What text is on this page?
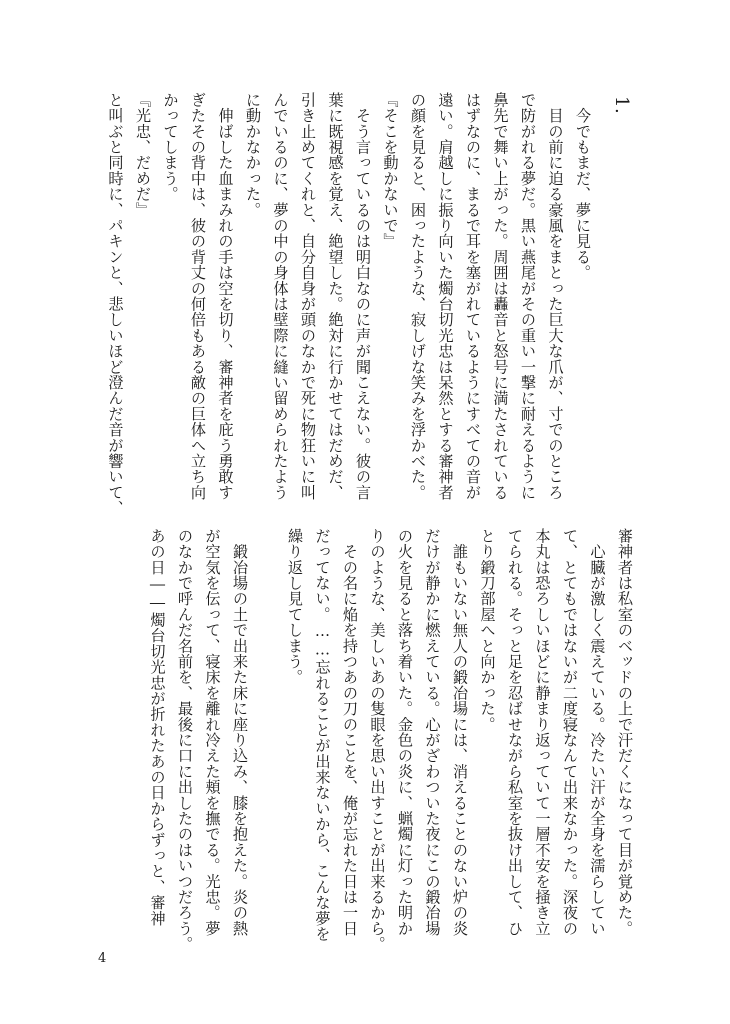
1.
　今でもまだ、夢に見る。
　目の前に迫る豪風をまとった巨大な爪が、寸でのところ
で防がれる夢だ。黒い燕尾がその重い一撃に耐えるように
鼻先で舞い上がった。周囲は轟音と怒号に満たされている
はずなのに、まるで耳を塞がれているようにすべての音が
遠い。肩越しに振り向いた燭台切光忠は呆然とする審神者
の顔を見ると、困ったような、寂しげな笑みを浮かべた。
『そこを動かないで』
　そう言っているのは明白なのに声が聞こえない。彼の言
葉に既視感を覚え、絶望した。絶対に行かせてはだめだ、
引き止めてくれと、自分自身が頭のなかで死に物狂いに叫
んでいるのに、夢の中の身体は壁際に縫い留められたよう
に動かなかった。
　伸ばした血まみれの手は空を切り、審神者を庇う勇敢す
ぎたその背中は、彼の背丈の何倍もある敵の巨体へ立ち向
かってしまう。
『光忠、だめだ』
と叫ぶと同時に、パキンと、悲しいほど澄んだ音が響いて、
審神者は私室のベッドの上で汗だくになって目が覚めた。
　心臓が激しく震えている。冷たい汗が全身を濡らしてい
て、とてもではないが二度寝なんて出来なかった。深夜の
本丸は恐ろしいほどに静まり返っていて一層不安を掻き立
てられる。そっと足を忍ばせながら私室を抜け出して、ひ
とり鍛刀部屋へと向かった。
　誰もいない無人の鍛冶場には、消えることのない炉の炎
だけが静かに燃えている。心がざわついた夜にこの鍛冶場
の火を見ると落ち着いた。金色の炎に、蝋燭に灯った明か
りのような、美しいあの隻眼を思い出すことが出来るから。
　その名に焔を持つあの刀のことを、俺が忘れた日は一日
だってない。……忘れることが出来ないから、こんな夢を
繰り返し見てしまう。
　鍛冶場の土で出来た床に座り込み、膝を抱えた。炎の熱
が空気を伝って、寝床を離れ冷えた頬を撫でる。光忠。夢
のなかで呼んだ名前を、最後に口に出したのはいつだろう。
あの日――燭台切光忠が折れたあの日からずっと、審神
4
